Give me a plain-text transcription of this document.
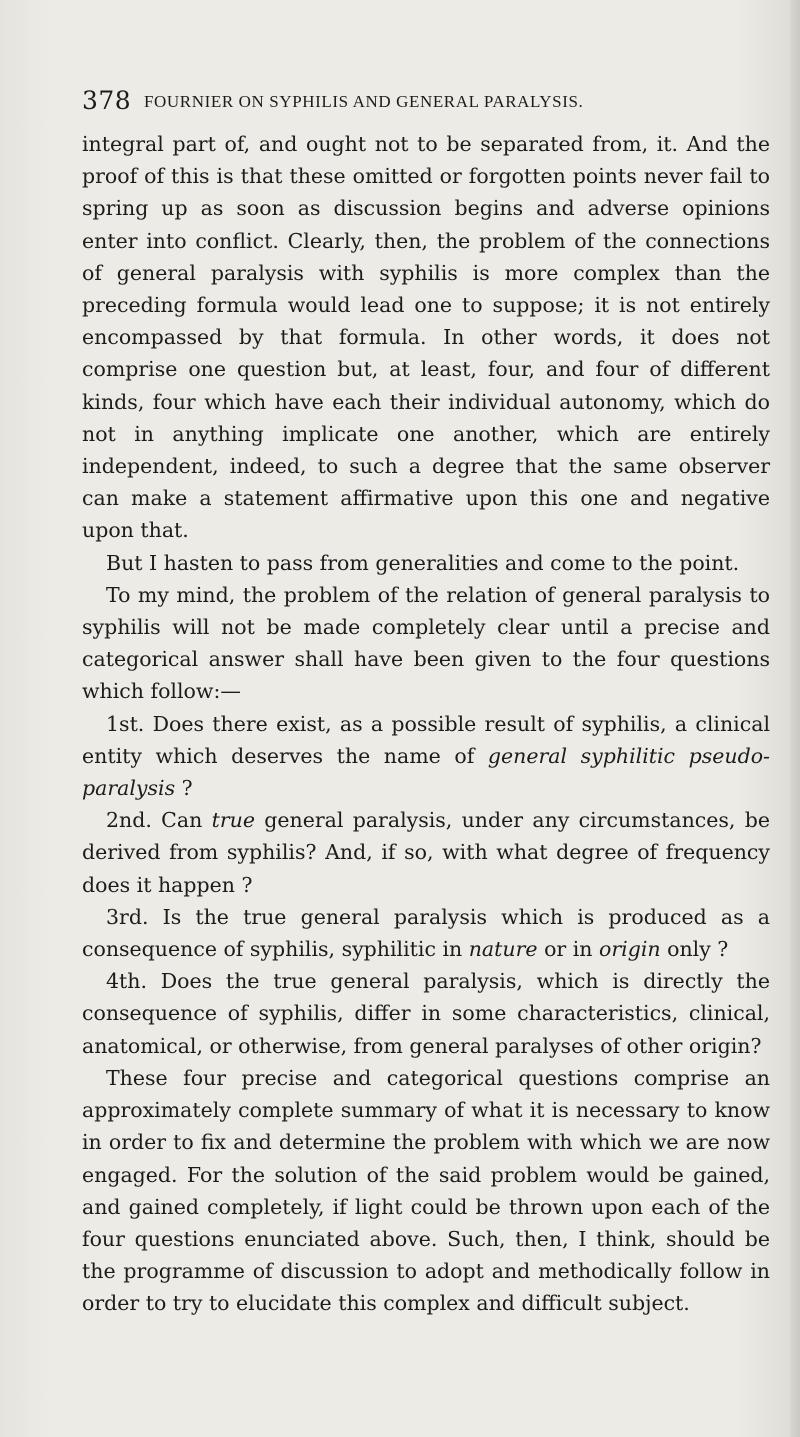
378 FOURNIER ON SYPHILIS AND GENERAL PARALYSIS.

integral part of, and ought not to be separated from, it. And the proof of this is that these omitted or forgotten points never fail to spring up as soon as discussion begins and adverse opinions enter into conflict. Clearly, then, the problem of the connections of general paralysis with syphilis is more complex than the preceding formula would lead one to suppose; it is not entirely encompassed by that formula. In other words, it does not comprise one question but, at least, four, and four of different kinds, four which have each their individual autonomy, which do not in anything implicate one another, which are entirely independent, indeed, to such a degree that the same observer can make a statement affirmative upon this one and negative upon that.

But I hasten to pass from generalities and come to the point.

To my mind, the problem of the relation of general paralysis to syphilis will not be made completely clear until a precise and categorical answer shall have been given to the four questions which follow:—

1st. Does there exist, as a possible result of syphilis, a clinical entity which deserves the name of general syphilitic pseudo-paralysis ?

2nd. Can true general paralysis, under any circumstances, be derived from syphilis? And, if so, with what degree of frequency does it happen ?

3rd. Is the true general paralysis which is produced as a consequence of syphilis, syphilitic in nature or in origin only ?

4th. Does the true general paralysis, which is directly the consequence of syphilis, differ in some characteristics, clinical, anatomical, or otherwise, from general paralyses of other origin?

These four precise and categorical questions comprise an approximately complete summary of what it is necessary to know in order to fix and determine the problem with which we are now engaged. For the solution of the said problem would be gained, and gained completely, if light could be thrown upon each of the four questions enunciated above. Such, then, I think, should be the programme of discussion to adopt and methodically follow in order to try to elucidate this complex and difficult subject.
